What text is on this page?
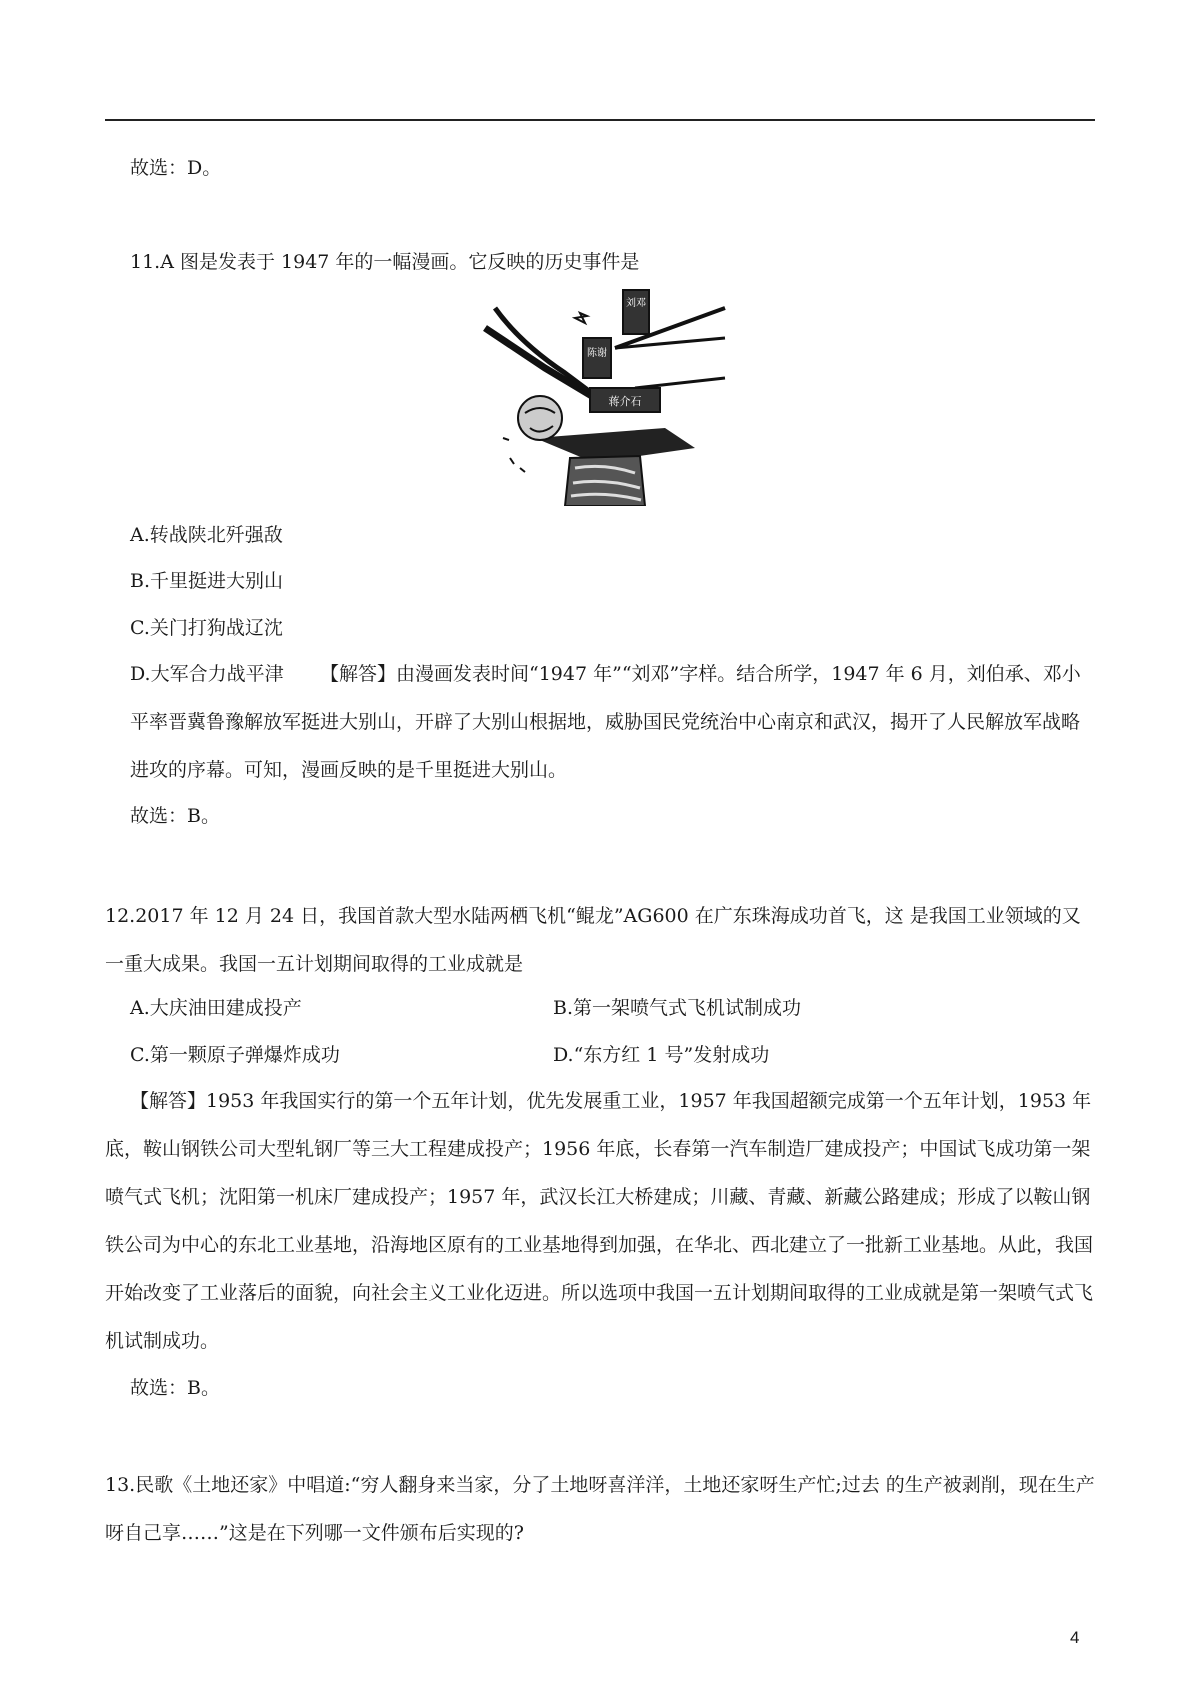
故选：D。
11.A 图是发表于 1947 年的一幅漫画。它反映的历史事件是
刘邓
陈谢
蒋介石
A.转战陕北歼强敌
B.千里挺进大别山
C.关门打狗战辽沈
D.大军合力战平津	【解答】由漫画发表时间“1947 年”“刘邓”字样。结合所学，1947 年 6 月，刘伯承、邓小平率晋冀鲁豫解放军挺进大别山，开辟了大别山根据地，威胁国民党统治中心南京和武汉，揭开了人民解放军战略进攻的序幕。可知，漫画反映的是千里挺进大别山。
故选：B。
12.2017 年 12 月 24 日，我国首款大型水陆两栖飞机“鲲龙”AG600 在广东珠海成功首飞，这 是我国工业领域的又一重大成果。我国一五计划期间取得的工业成就是
A.大庆油田建成投产	B.第一架喷气式飞机试制成功
C.第一颗原子弹爆炸成功	D.“东方红 1 号”发射成功
【解答】1953 年我国实行的第一个五年计划，优先发展重工业，1957 年我国超额完成第一个五年计划，1953 年底，鞍山钢铁公司大型轧钢厂等三大工程建成投产；1956 年底，长春第一汽车制造厂建成投产；中国试飞成功第一架喷气式飞机；沈阳第一机床厂建成投产；1957 年，武汉长江大桥建成；川藏、青藏、新藏公路建成；形成了以鞍山钢铁公司为中心的东北工业基地，沿海地区原有的工业基地得到加强，在华北、西北建立了一批新工业基地。从此，我国开始改变了工业落后的面貌，向社会主义工业化迈进。所以选项中我国一五计划期间取得的工业成就是第一架喷气式飞机试制成功。
故选：B。
13.民歌《土地还家》中唱道:“穷人翻身来当家，分了土地呀喜洋洋，土地还家呀生产忙;过去 的生产被剥削，现在生产呀自己享……”这是在下列哪一文件颁布后实现的?
4
